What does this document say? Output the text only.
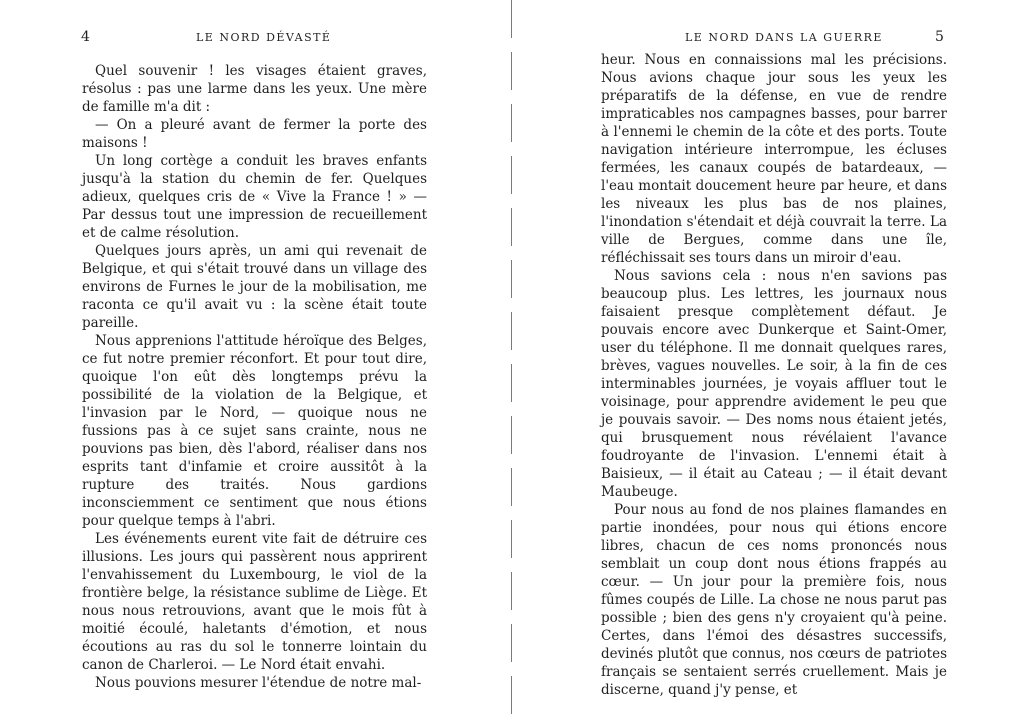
4	LE NORD DÉVASTÉ

Quel souvenir ! les visages étaient graves, résolus : pas une larme dans les yeux. Une mère de famille m'a dit :

— On a pleuré avant de fermer la porte des maisons !

Un long cortège a conduit les braves enfants jusqu'à la station du chemin de fer. Quelques adieux, quelques cris de « Vive la France ! » — Par dessus tout une impression de recueillement et de calme résolution.

Quelques jours après, un ami qui revenait de Belgique, et qui s'était trouvé dans un village des environs de Furnes le jour de la mobilisation, me raconta ce qu'il avait vu : la scène était toute pareille.

Nous apprenions l'attitude héroïque des Belges, ce fut notre premier réconfort. Et pour tout dire, quoique l'on eût dès longtemps prévu la possibilité de la violation de la Belgique, et l'invasion par le Nord, — quoique nous ne fussions pas à ce sujet sans crainte, nous ne pouvions pas bien, dès l'abord, réaliser dans nos esprits tant d'infamie et croire aussitôt à la rupture des traités. Nous gardions inconsciemment ce sentiment que nous étions pour quelque temps à l'abri.

Les événements eurent vite fait de détruire ces illusions. Les jours qui passèrent nous apprirent l'envahissement du Luxembourg, le viol de la frontière belge, la résistance sublime de Liège. Et nous nous retrouvions, avant que le mois fût à moitié écoulé, haletants d'émotion, et nous écoutions au ras du sol le tonnerre lointain du canon de Charleroi. — Le Nord était envahi.

Nous pouvions mesurer l'étendue de notre mal-

LE NORD DANS LA GUERRE	5

heur. Nous en connaissions mal les précisions. Nous avions chaque jour sous les yeux les préparatifs de la défense, en vue de rendre impraticables nos campagnes basses, pour barrer à l'ennemi le chemin de la côte et des ports. Toute navigation intérieure interrompue, les écluses fermées, les canaux coupés de batardeaux, — l'eau montait doucement heure par heure, et dans les niveaux les plus bas de nos plaines, l'inondation s'étendait et déjà couvrait la terre. La ville de Bergues, comme dans une île, réfléchissait ses tours dans un miroir d'eau.

Nous savions cela : nous n'en savions pas beaucoup plus. Les lettres, les journaux nous faisaient presque complètement défaut. Je pouvais encore avec Dunkerque et Saint-Omer, user du téléphone. Il me donnait quelques rares, brèves, vagues nouvelles. Le soir, à la fin de ces interminables journées, je voyais affluer tout le voisinage, pour apprendre avidement le peu que je pouvais savoir. — Des noms nous étaient jetés, qui brusquement nous révélaient l'avance foudroyante de l'invasion. L'ennemi était à Baisieux, — il était au Cateau ; — il était devant Maubeuge.

Pour nous au fond de nos plaines flamandes en partie inondées, pour nous qui étions encore libres, chacun de ces noms prononcés nous semblait un coup dont nous étions frappés au cœur. — Un jour pour la première fois, nous fûmes coupés de Lille. La chose ne nous parut pas possible ; bien des gens n'y croyaient qu'à peine. Certes, dans l'émoi des désastres successifs, devinés plutôt que connus, nos cœurs de patriotes français se sentaient serrés cruellement. Mais je discerne, quand j'y pense, et
